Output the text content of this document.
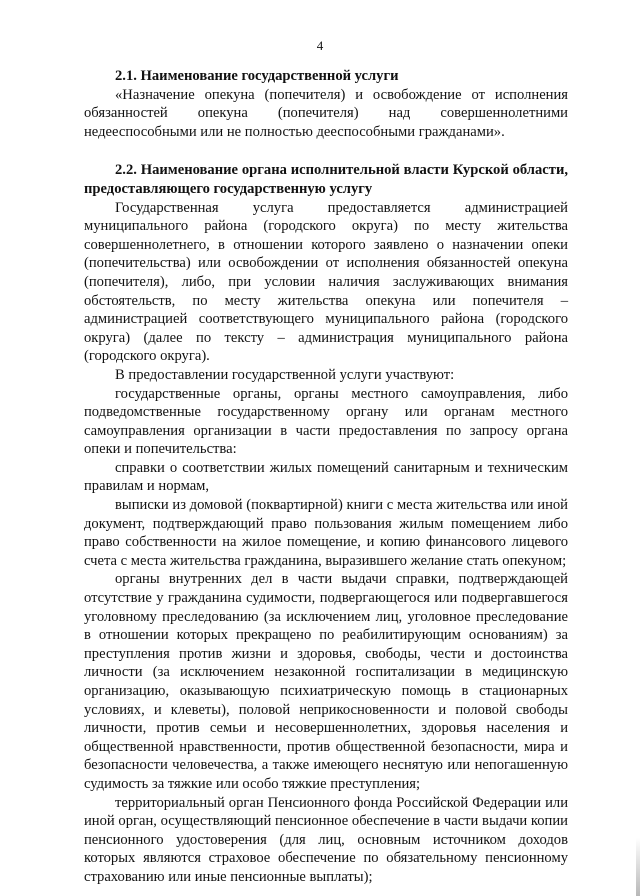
4

2.1. Наименование государственной услуги

«Назначение опекуна (попечителя) и освобождение от исполнения обязанностей опекуна (попечителя) над совершеннолетними недееспособными или не полностью дееспособными гражданами».

2.2. Наименование органа исполнительной власти Курской области, предоставляющего государственную услугу

Государственная услуга предоставляется администрацией муниципального района (городского округа) по месту жительства совершеннолетнего, в отношении которого заявлено о назначении опеки (попечительства) или освобождении от исполнения обязанностей опекуна (попечителя), либо, при условии наличия заслуживающих внимания обстоятельств, по месту жительства опекуна или попечителя – администрацией соответствующего муниципального района (городского округа) (далее по тексту – администрация муниципального района (городского округа).

В предоставлении государственной услуги участвуют:

государственные органы, органы местного самоуправления, либо подведомственные государственному органу или органам местного самоуправления организации в части предоставления по запросу органа опеки и попечительства:

справки о соответствии жилых помещений санитарным и техническим правилам и нормам,

выписки из домовой (поквартирной) книги с места жительства или иной документ, подтверждающий право пользования жилым помещением либо право собственности на жилое помещение, и копию финансового лицевого счета с места жительства гражданина, выразившего желание стать опекуном;

органы внутренних дел в части выдачи справки, подтверждающей отсутствие у гражданина судимости, подвергающегося или подвергавшегося уголовному преследованию (за исключением лиц, уголовное преследование в отношении которых прекращено по реабилитирующим основаниям) за преступления против жизни и здоровья, свободы, чести и достоинства личности (за исключением незаконной госпитализации в медицинскую организацию, оказывающую психиатрическую помощь в стационарных условиях, и клеветы), половой неприкосновенности и половой свободы личности, против семьи и несовершеннолетних, здоровья населения и общественной нравственности, против общественной безопасности, мира и безопасности человечества, а также имеющего неснятую или непогашенную судимость за тяжкие или особо тяжкие преступления;

территориальный орган Пенсионного фонда Российской Федерации или иной орган, осуществляющий пенсионное обеспечение в части выдачи копии пенсионного удостоверения (для лиц, основным источником доходов которых являются страховое обеспечение по обязательному пенсионному страхованию или иные пенсионные выплаты);
